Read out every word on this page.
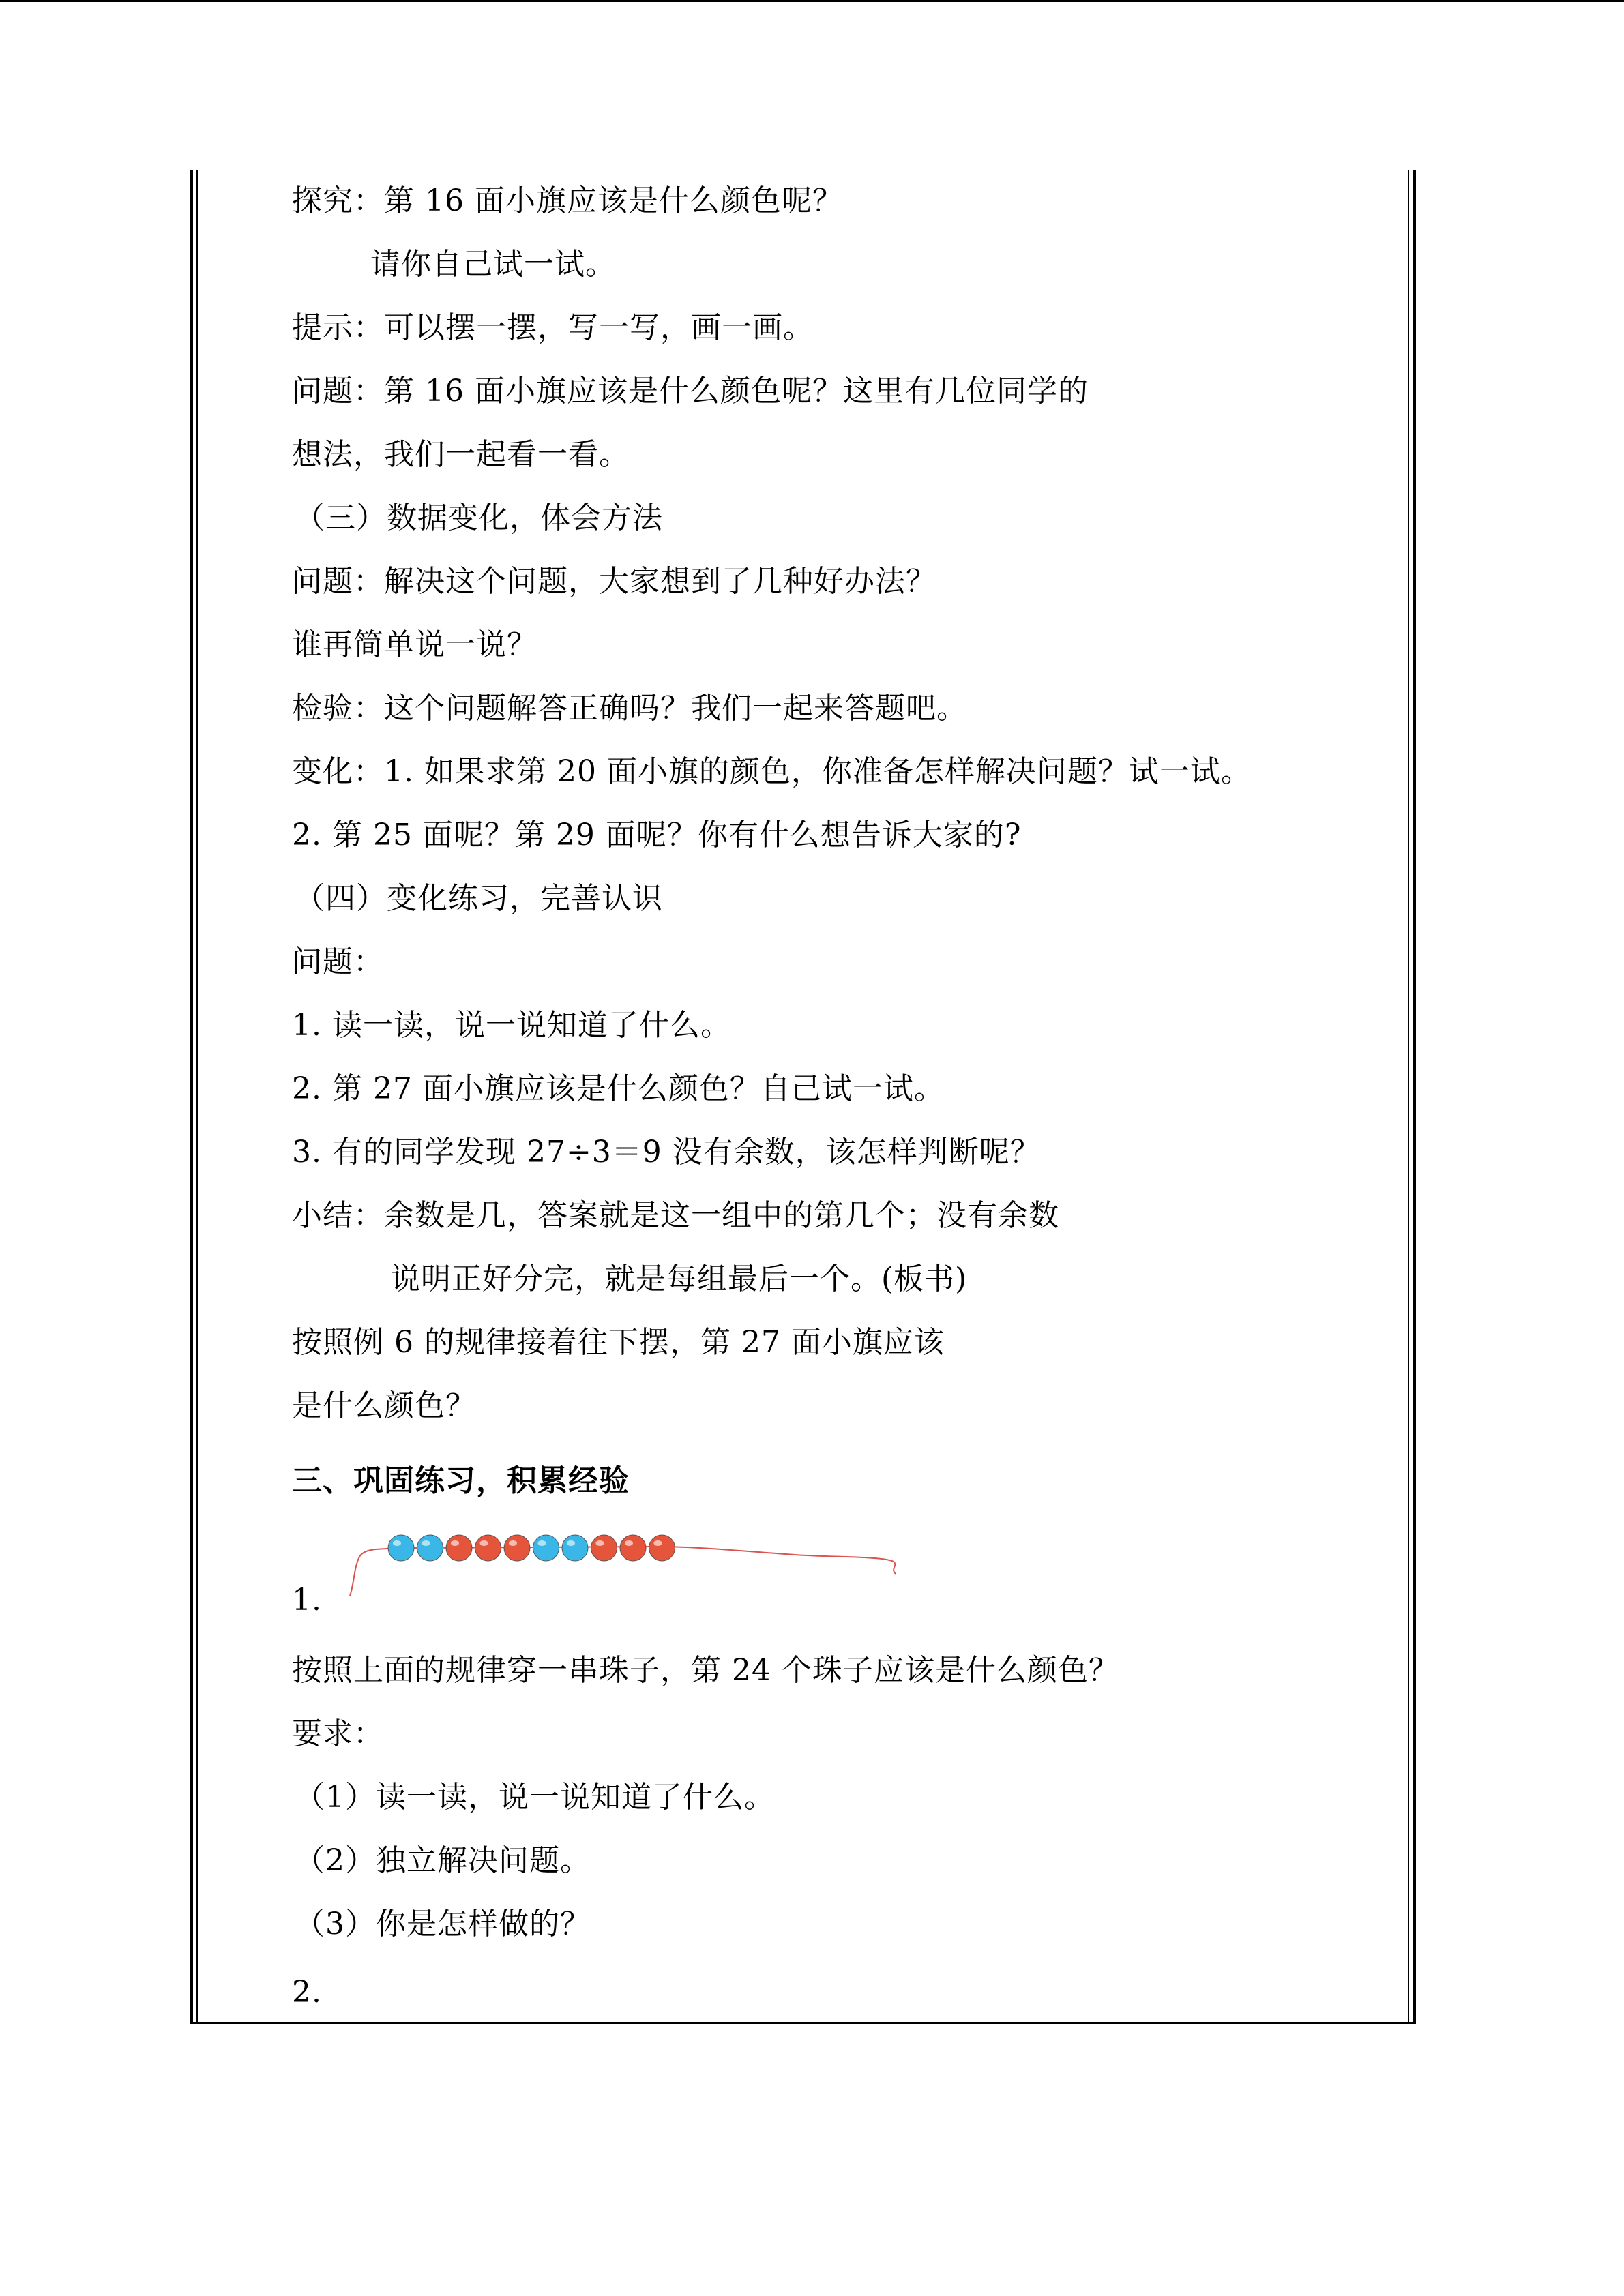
探究：第 16 面小旗应该是什么颜色呢？
请你自己试一试。
提示：可以摆一摆，写一写，画一画。
问题：第 16 面小旗应该是什么颜色呢？这里有几位同学的
想法，我们一起看一看。
（三）数据变化，体会方法
问题：解决这个问题，大家想到了几种好办法？
谁再简单说一说？
检验：这个问题解答正确吗？我们一起来答题吧。
变化：1. 如果求第 20 面小旗的颜色，你准备怎样解决问题？试一试。
2. 第 25 面呢？第 29 面呢？你有什么想告诉大家的?
（四）变化练习，完善认识
问题：
1. 读一读，说一说知道了什么。
2. 第 27 面小旗应该是什么颜色？自己试一试。
3. 有的同学发现 27÷3＝9 没有余数，该怎样判断呢？
小结：余数是几，答案就是这一组中的第几个；没有余数
说明正好分完，就是每组最后一个。(板书)
按照例 6 的规律接着往下摆，第 27 面小旗应该
是什么颜色？
三、巩固练习，积累经验
1.
按照上面的规律穿一串珠子，第 24 个珠子应该是什么颜色？
要求：
（1）读一读，说一说知道了什么。
（2）独立解决问题。
（3）你是怎样做的？
2.
